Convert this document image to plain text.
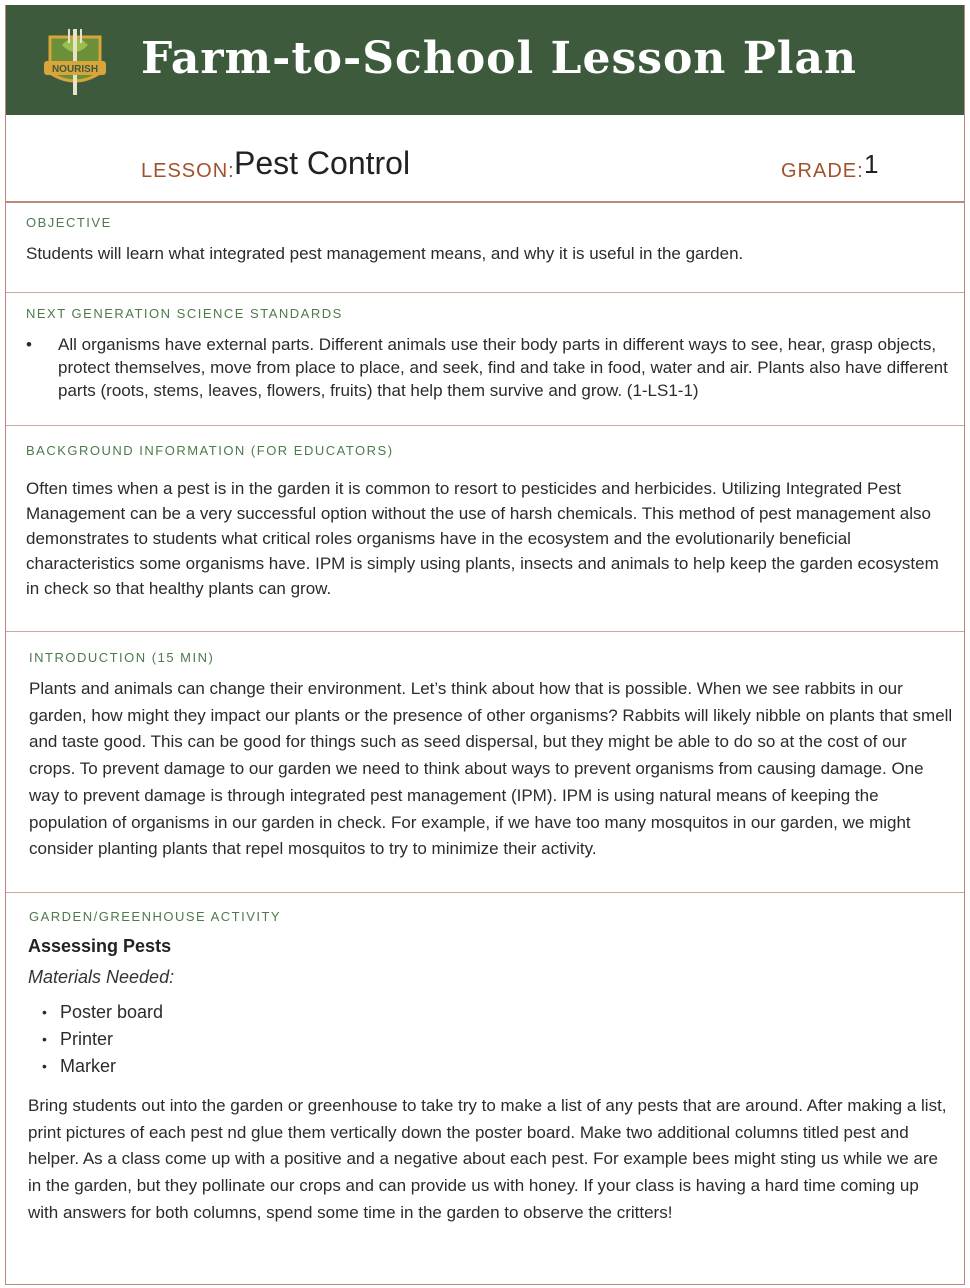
NOURISH Farm-to-School Lesson Plan
LESSON: Pest Control	GRADE: 1
OBJECTIVE
Students will learn what integrated pest management means, and why it is useful in the garden.
NEXT GENERATION SCIENCE STANDARDS
• All organisms have external parts. Different animals use their body parts in different ways to see, hear, grasp objects, protect themselves, move from place to place, and seek, find and take in food, water and air. Plants also have different parts (roots, stems, leaves, flowers, fruits) that help them survive and grow. (1-LS1-1)
BACKGROUND INFORMATION (FOR EDUCATORS)
Often times when a pest is in the garden it is common to resort to pesticides and herbicides. Utilizing Integrated Pest Management can be a very successful option without the use of harsh chemicals. This method of pest management also demonstrates to students what critical roles organisms have in the ecosystem and the evolutionarily beneficial characteristics some organisms have. IPM is simply using plants, insects and animals to help keep the garden ecosystem in check so that healthy plants can grow.
INTRODUCTION (15 MIN)
Plants and animals can change their environment. Let’s think about how that is possible. When we see rabbits in our garden, how might they impact our plants or the presence of other organisms? Rabbits will likely nibble on plants that smell and taste good. This can be good for things such as seed dispersal, but they might be able to do so at the cost of our crops. To prevent damage to our garden we need to think about ways to prevent organisms from causing damage. One way to prevent damage is through integrated pest management (IPM). IPM is using natural means of keeping the population of organisms in our garden in check. For example, if we have too many mosquitos in our garden, we might consider planting plants that repel mosquitos to try to minimize their activity.
GARDEN/GREENHOUSE ACTIVITY
Assessing Pests
Materials Needed:
• Poster board
• Printer
• Marker
Bring students out into the garden or greenhouse to take try to make a list of any pests that are around. After making a list, print pictures of each pest nd glue them vertically down the poster board. Make two additional columns titled pest and helper. As a class come up with a positive and a negative about each pest. For example bees might sting us while we are in the garden, but they pollinate our crops and can provide us with honey. If your class is having a hard time coming up with answers for both columns, spend some time in the garden to observe the critters!
